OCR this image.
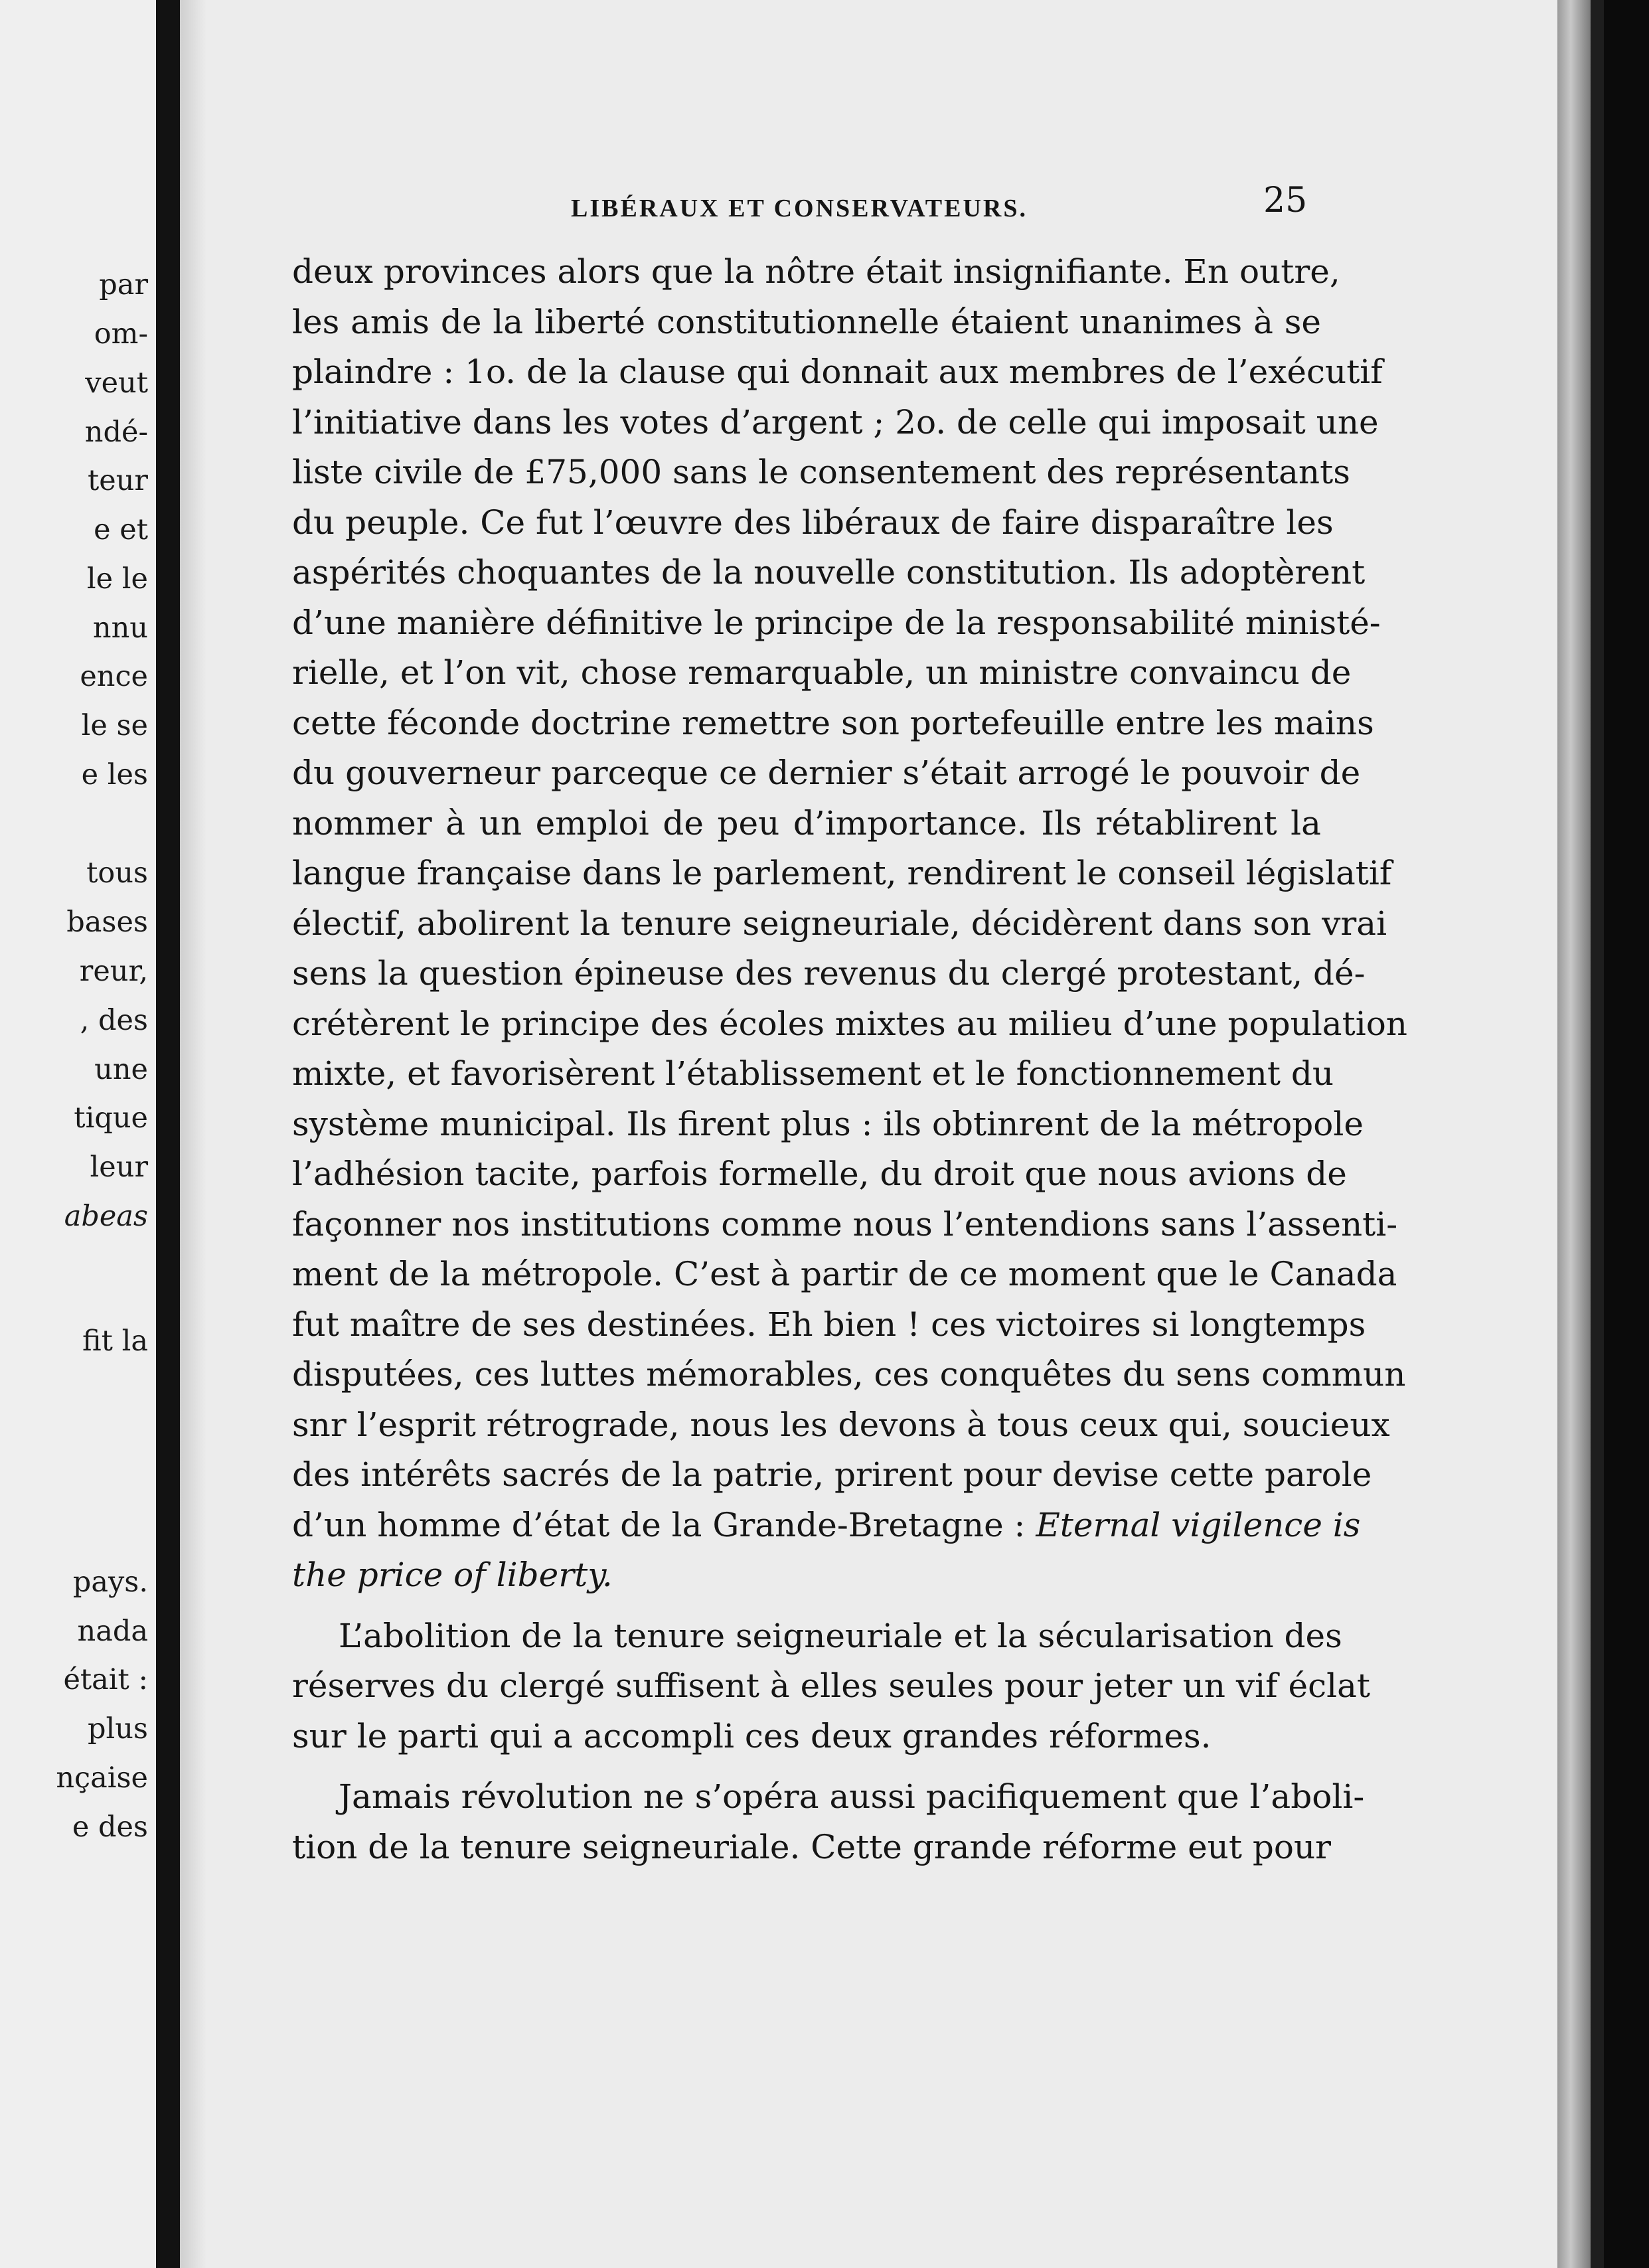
par
om-
veut
ndé-
teur
e et
le le
nnu
ence
le se
e les
tous
bases
reur,
, des
une
tique
leur
abeas
fit la
pays.
nada
était :
plus
nçaise
e des
LIBÉRAUX ET CONSERVATEURS.	25
deux provinces alors que la nôtre était insignifiante. En outre,
les amis de la liberté constitutionnelle étaient unanimes à se
plaindre : 1o. de la clause qui donnait aux membres de l’exécutif
l’initiative dans les votes d’argent ; 2o. de celle qui imposait une
liste civile de £75,000 sans le consentement des représentants
du peuple. Ce fut l’œuvre des libéraux de faire disparaître les
aspérités choquantes de la nouvelle constitution. Ils adoptèrent
d’une manière définitive le principe de la responsabilité ministé-
rielle, et l’on vit, chose remarquable, un ministre convaincu de
cette féconde doctrine remettre son portefeuille entre les mains
du gouverneur parceque ce dernier s’était arrogé le pouvoir de
nommer à un emploi de peu d’importance. Ils rétablirent la
langue française dans le parlement, rendirent le conseil législatif
électif, abolirent la tenure seigneuriale, décidèrent dans son vrai
sens la question épineuse des revenus du clergé protestant, dé-
crétèrent le principe des écoles mixtes au milieu d’une population
mixte, et favorisèrent l’établissement et le fonctionnement du
système municipal. Ils firent plus : ils obtinrent de la métropole
l’adhésion tacite, parfois formelle, du droit que nous avions de
façonner nos institutions comme nous l’entendions sans l’assenti-
ment de la métropole. C’est à partir de ce moment que le Canada
fut maître de ses destinées. Eh bien ! ces victoires si longtemps
disputées, ces luttes mémorables, ces conquêtes du sens commun
snr l’esprit rétrograde, nous les devons à tous ceux qui, soucieux
des intérêts sacrés de la patrie, prirent pour devise cette parole
d’un homme d’état de la Grande-Bretagne : Eternal vigilence is
the price of liberty.
L’abolition de la tenure seigneuriale et la sécularisation des
réserves du clergé suffisent à elles seules pour jeter un vif éclat
sur le parti qui a accompli ces deux grandes réformes.
Jamais révolution ne s’opéra aussi pacifiquement que l’aboli-
tion de la tenure seigneuriale. Cette grande réforme eut pour
